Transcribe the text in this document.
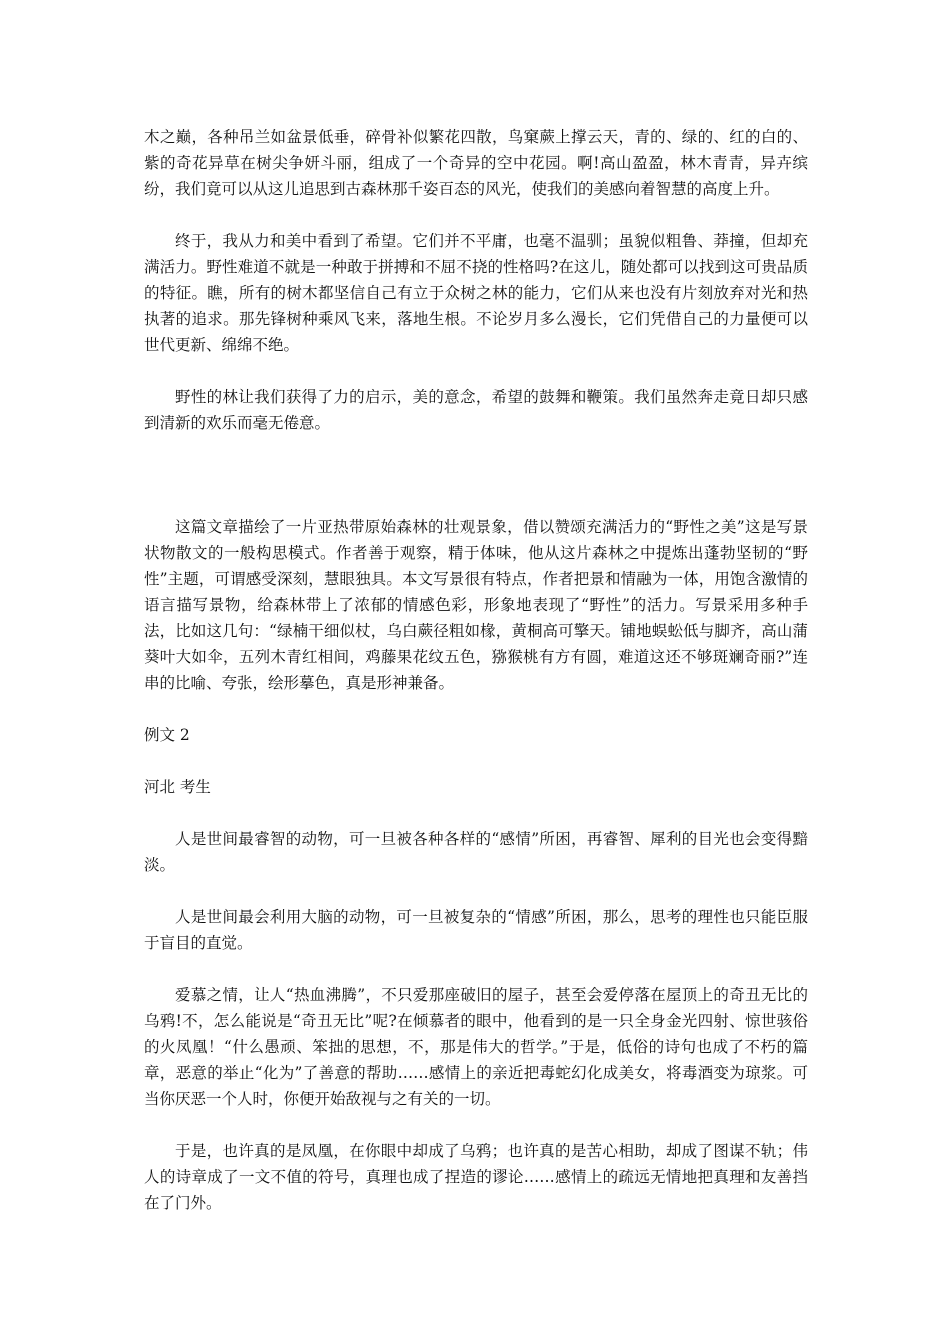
木之巅，各种吊兰如盆景低垂，碎骨补似繁花四散，鸟窠蕨上撑云天，青的、绿的、红的白的、紫的奇花异草在树尖争妍斗丽，组成了一个奇异的空中花园。啊!高山盈盈，林木青青，异卉缤纷，我们竟可以从这儿追思到古森林那千姿百态的风光，使我们的美感向着智慧的高度上升。

终于，我从力和美中看到了希望。它们并不平庸，也毫不温驯；虽貌似粗鲁、莽撞，但却充满活力。野性难道不就是一种敢于拼搏和不屈不挠的性格吗?在这儿，随处都可以找到这可贵品质的特征。瞧，所有的树木都坚信自己有立于众树之林的能力，它们从来也没有片刻放弃对光和热执著的追求。那先锋树种乘风飞来，落地生根。不论岁月多么漫长，它们凭借自己的力量便可以世代更新、绵绵不绝。

野性的林让我们获得了力的启示，美的意念，希望的鼓舞和鞭策。我们虽然奔走竟日却只感到清新的欢乐而毫无倦意。

这篇文章描绘了一片亚热带原始森林的壮观景象，借以赞颂充满活力的“野性之美”这是写景状物散文的一般构思模式。作者善于观察，精于体味，他从这片森林之中提炼出蓬勃坚韧的“野性”主题，可谓感受深刻，慧眼独具。本文写景很有特点，作者把景和情融为一体，用饱含激情的语言描写景物，给森林带上了浓郁的情感色彩，形象地表现了“野性”的活力。写景采用多种手法，比如这几句：“绿楠干细似杖，乌白蕨径粗如椽，黄桐高可擎天。铺地蜈蚣低与脚齐，高山蒲葵叶大如伞，五列木青红相间，鸡藤果花纹五色，猕猴桃有方有圆，难道这还不够斑斓奇丽?”连串的比喻、夸张，绘形摹色，真是形神兼备。

例文 2

河北 考生

人是世间最睿智的动物，可一旦被各种各样的“感情”所困，再睿智、犀利的目光也会变得黯淡。

人是世间最会利用大脑的动物，可一旦被复杂的“情感”所困，那么，思考的理性也只能臣服于盲目的直觉。

爱慕之情，让人“热血沸腾”，不只爱那座破旧的屋子，甚至会爱停落在屋顶上的奇丑无比的乌鸦!不，怎么能说是“奇丑无比”呢?在倾慕者的眼中，他看到的是一只全身金光四射、惊世骇俗的火凤凰！“什么愚顽、笨拙的思想，不，那是伟大的哲学。”于是，低俗的诗句也成了不朽的篇章，恶意的举止“化为”了善意的帮助……感情上的亲近把毒蛇幻化成美女，将毒酒变为琼浆。可当你厌恶一个人时，你便开始敌视与之有关的一切。

于是，也许真的是凤凰，在你眼中却成了乌鸦；也许真的是苦心相助，却成了图谋不轨；伟人的诗章成了一文不值的符号，真理也成了捏造的谬论……感情上的疏远无情地把真理和友善挡在了门外。
